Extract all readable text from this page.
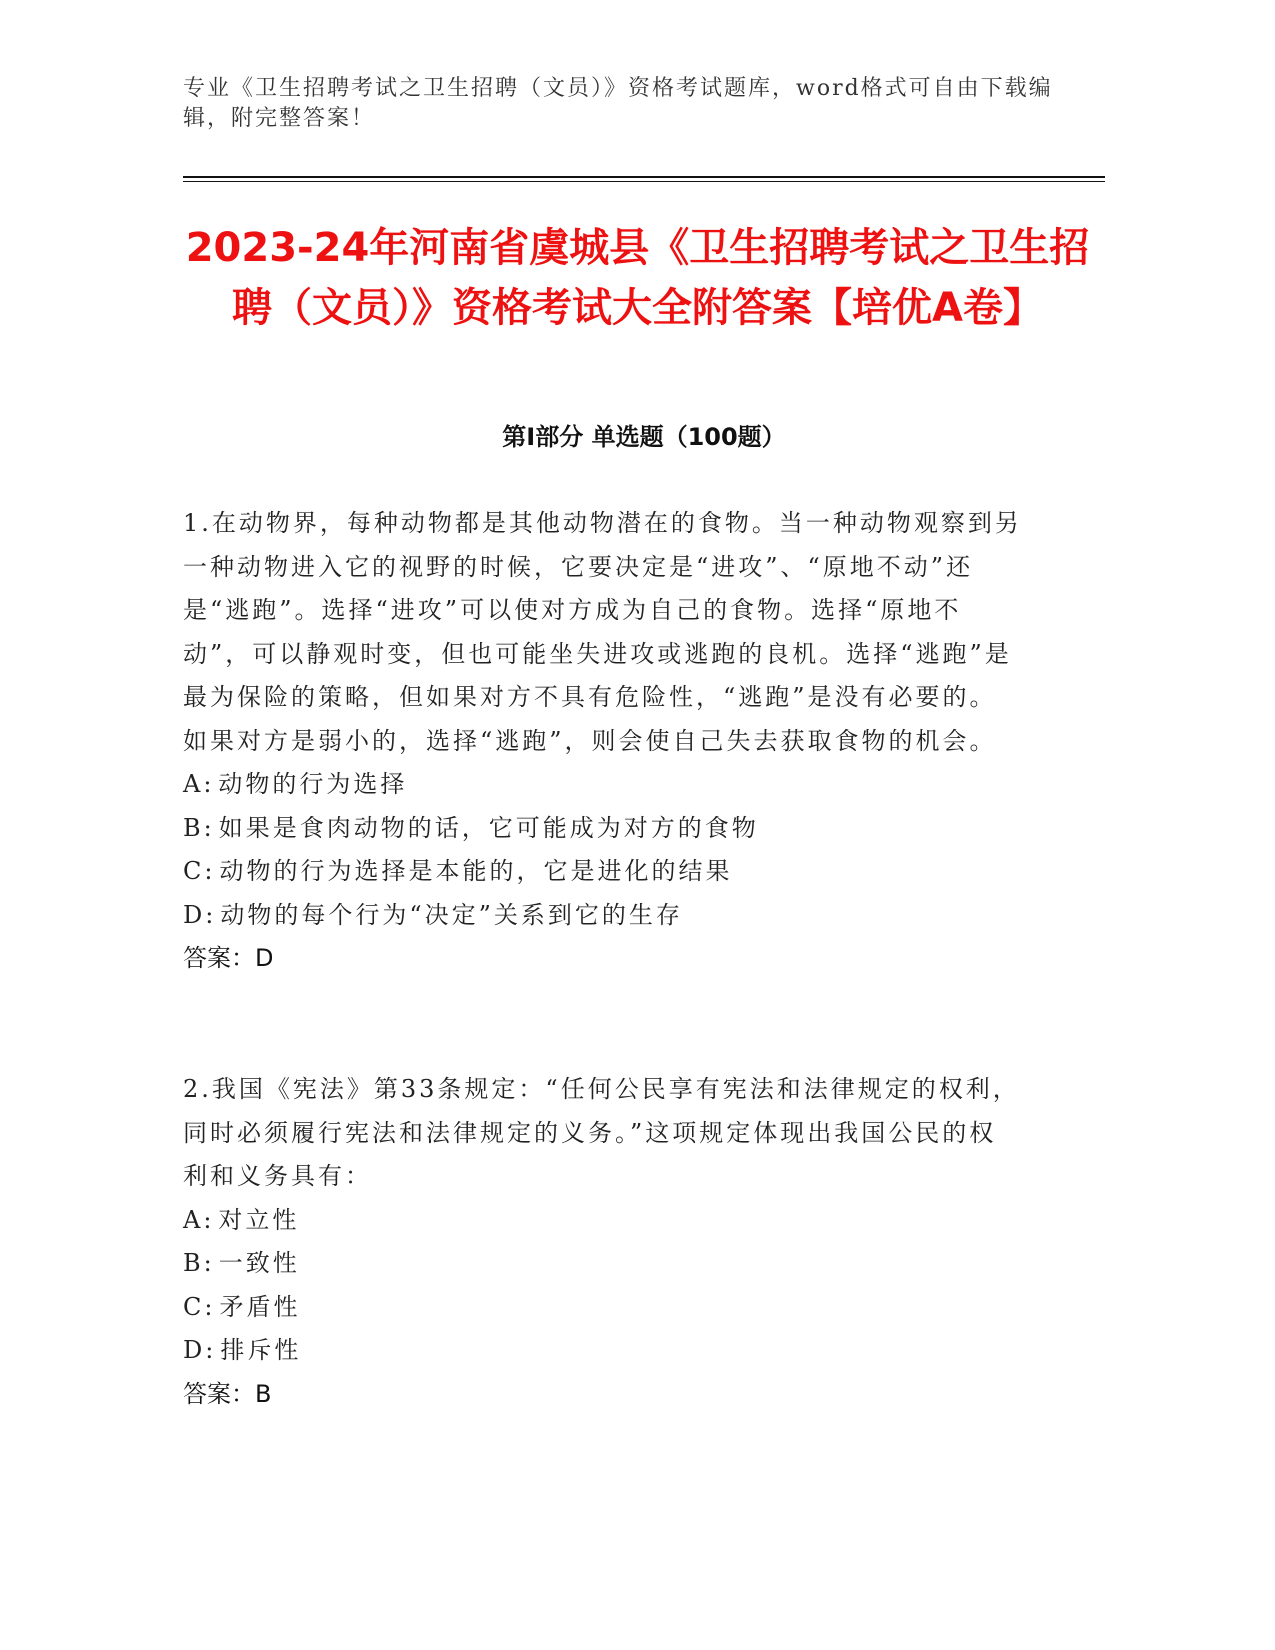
专业《卫生招聘考试之卫生招聘（文员）》资格考试题库，word格式可自由下载编辑，附完整答案！
2023-24年河南省虞城县《卫生招聘考试之卫生招聘（文员）》资格考试大全附答案【培优A卷】
第I部分 单选题（100题）

1.在动物界，每种动物都是其他动物潜在的食物。当一种动物观察到另一种动物进入它的视野的时候，它要决定是“进攻”、“原地不动”还是“逃跑”。选择“进攻”可以使对方成为自己的食物。选择“原地不动”，可以静观时变，但也可能坐失进攻或逃跑的良机。选择“逃跑”是最为保险的策略，但如果对方不具有危险性，“逃跑”是没有必要的。如果对方是弱小的，选择“逃跑”，则会使自己失去获取食物的机会。

A: 动物的行为选择

B: 如果是食肉动物的话，它可能成为对方的食物

C: 动物的行为选择是本能的，它是进化的结果

D: 动物的每个行为“决定”关系到它的生存

答案：D

2.我国《宪法》第33条规定：“任何公民享有宪法和法律规定的权利，同时必须履行宪法和法律规定的义务。”这项规定体现出我国公民的权利和义务具有：

A: 对立性

B: 一致性

C: 矛盾性

D: 排斥性

答案：B
